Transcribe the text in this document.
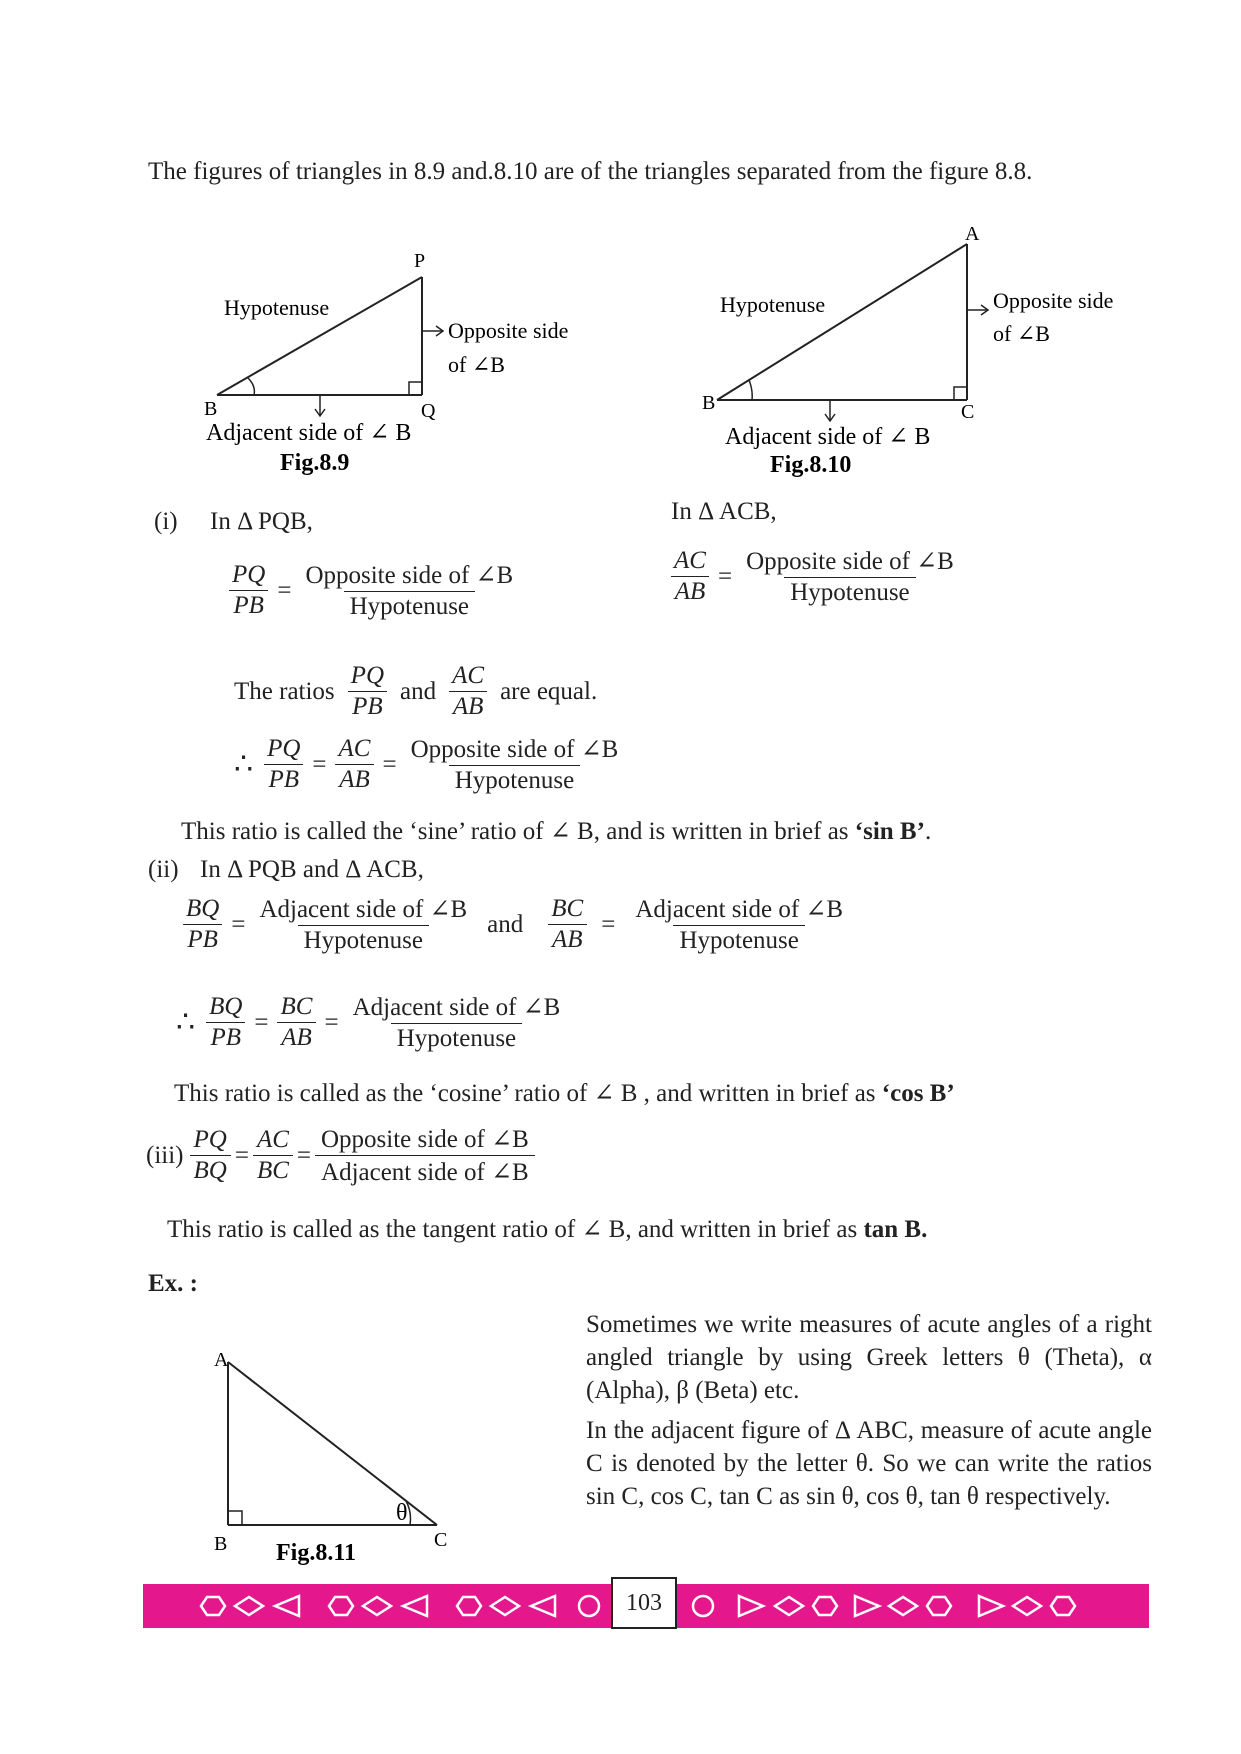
The figures of triangles in 8.9 and.8.10 are of the triangles separated from the figure 8.8.
P
B	Q
Hypotenuse
Opposite side
of ∠B
Adjacent side of ∠ B
Fig.8.9
A
B	C
Hypotenuse	Opposite side
of ∠B
Adjacent side of ∠ B
Fig.8.10
(i) In Δ PQB,	In Δ ACB,
$\frac{PQ}{PB} = \frac{\text{Opposite side of ∠B}}{\text{Hypotenuse}}$	$\frac{AC}{AB} = \frac{\text{Opposite side of ∠B}}{\text{Hypotenuse}}$
The ratios $\frac{PQ}{PB}$ and $\frac{AC}{AB}$ are equal.
∴ $\frac{PQ}{PB} = \frac{AC}{AB} = \frac{\text{Opposite side of ∠B}}{\text{Hypotenuse}}$
This ratio is called the ‘sine’ ratio of ∠ B, and is written in brief as ‘sin B’.
(ii) In Δ PQB and Δ ACB,
$\frac{BQ}{PB} = \frac{\text{Adjacent side of ∠B}}{\text{Hypotenuse}}$ and $\frac{BC}{AB} = \frac{\text{Adjacent side of ∠B}}{\text{Hypotenuse}}$
∴ $\frac{BQ}{PB} = \frac{BC}{AB} = \frac{\text{Adjacent side of ∠B}}{\text{Hypotenuse}}$
This ratio is called as the ‘cosine’ ratio of ∠ B , and written in brief as ‘cos B’
$(iii) \frac{PQ}{BQ} = \frac{AC}{BC} = \frac{\text{Opposite side of ∠B}}{\text{Adjacent side of ∠B}}$
This ratio is called as the tangent ratio of ∠ B, and written in brief as tan B.
Ex. :
Sometimes we write measures of acute angles of a right angled triangle by using Greek letters θ (Theta), α (Alpha), β (Beta) etc.
In the adjacent figure of Δ ABC, measure of acute angle C is denoted by the letter θ. So we can write the ratios sin C, cos C, tan C as sin θ, cos θ, tan θ respectively.
A
B	C
θ
Fig.8.11
103
